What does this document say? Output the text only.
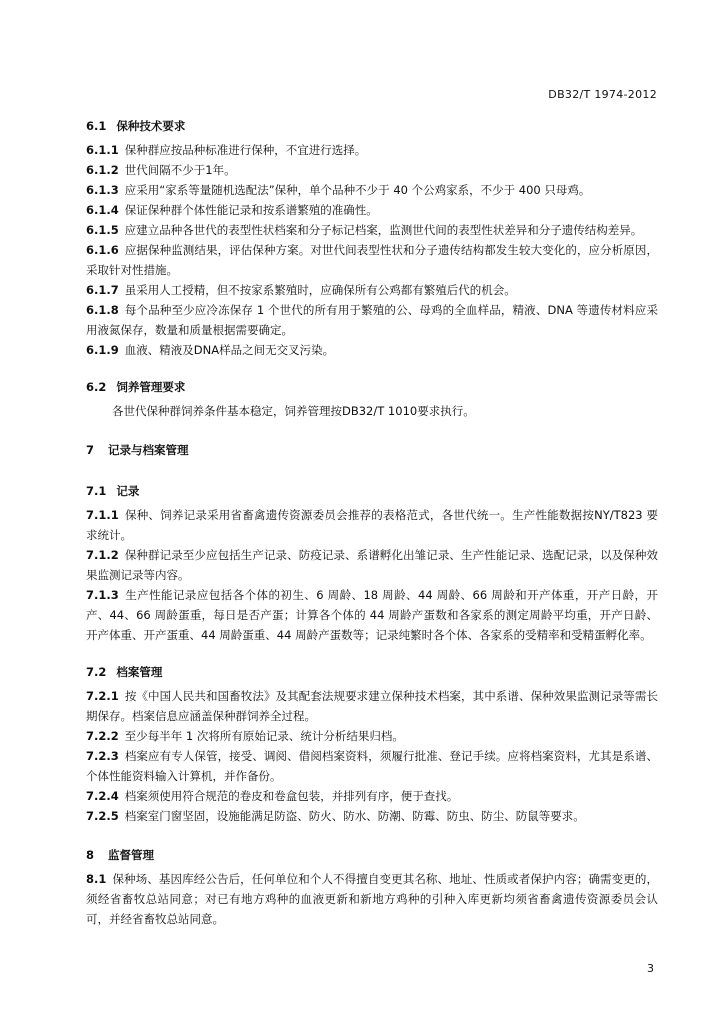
DB32/T 1974-2012
6.1 保种技术要求
6.1.1 保种群应按品种标准进行保种，不宜进行选择。
6.1.2 世代间隔不少于1年。
6.1.3 应采用“家系等量随机选配法”保种，单个品种不少于 40 个公鸡家系，不少于 400 只母鸡。
6.1.4 保证保种群个体性能记录和按系谱繁殖的准确性。
6.1.5 应建立品种各世代的表型性状档案和分子标记档案，监测世代间的表型性状差异和分子遗传结构差异。
6.1.6 应据保种监测结果，评估保种方案。对世代间表型性状和分子遗传结构都发生较大变化的，应分析原因，采取针对性措施。
6.1.7 虽采用人工授精，但不按家系繁殖时，应确保所有公鸡都有繁殖后代的机会。
6.1.8 每个品种至少应冷冻保存 1 个世代的所有用于繁殖的公、母鸡的全血样品，精液、DNA 等遗传材料应采用液氮保存，数量和质量根据需要确定。
6.1.9 血液、精液及DNA样品之间无交叉污染。
6.2 饲养管理要求
各世代保种群饲养条件基本稳定，饲养管理按DB32/T 1010要求执行。
7 记录与档案管理
7.1 记录
7.1.1 保种、饲养记录采用省畜禽遗传资源委员会推荐的表格范式，各世代统一。生产性能数据按NY/T823 要求统计。
7.1.2 保种群记录至少应包括生产记录、防疫记录、系谱孵化出雏记录、生产性能记录、选配记录，以及保种效果监测记录等内容。
7.1.3 生产性能记录应包括各个体的初生、6 周龄、18 周龄、44 周龄、66 周龄和开产体重，开产日龄，开产、44、66 周龄蛋重，每日是否产蛋；计算各个体的 44 周龄产蛋数和各家系的测定周龄平均重，开产日龄、开产体重、开产蛋重、44 周龄蛋重、44 周龄产蛋数等；记录纯繁时各个体、各家系的受精率和受精蛋孵化率。
7.2 档案管理
7.2.1 按《中国人民共和国畜牧法》及其配套法规要求建立保种技术档案，其中系谱、保种效果监测记录等需长期保存。档案信息应涵盖保种群饲养全过程。
7.2.2 至少每半年 1 次将所有原始记录、统计分析结果归档。
7.2.3 档案应有专人保管，接受、调阅、借阅档案资料，须履行批准、登记手续。应将档案资料，尤其是系谱、个体性能资料输入计算机，并作备份。
7.2.4 档案须使用符合规范的卷皮和卷盒包装，并排列有序，便于查找。
7.2.5 档案室门窗坚固，设施能满足防盗、防火、防水、防潮、防霉、防虫、防尘、防鼠等要求。
8 监督管理
8.1 保种场、基因库经公告后，任何单位和个人不得擅自变更其名称、地址、性质或者保护内容；确需变更的，须经省畜牧总站同意；对已有地方鸡种的血液更新和新地方鸡种的引种入库更新均须省畜禽遗传资源委员会认可，并经省畜牧总站同意。
3
